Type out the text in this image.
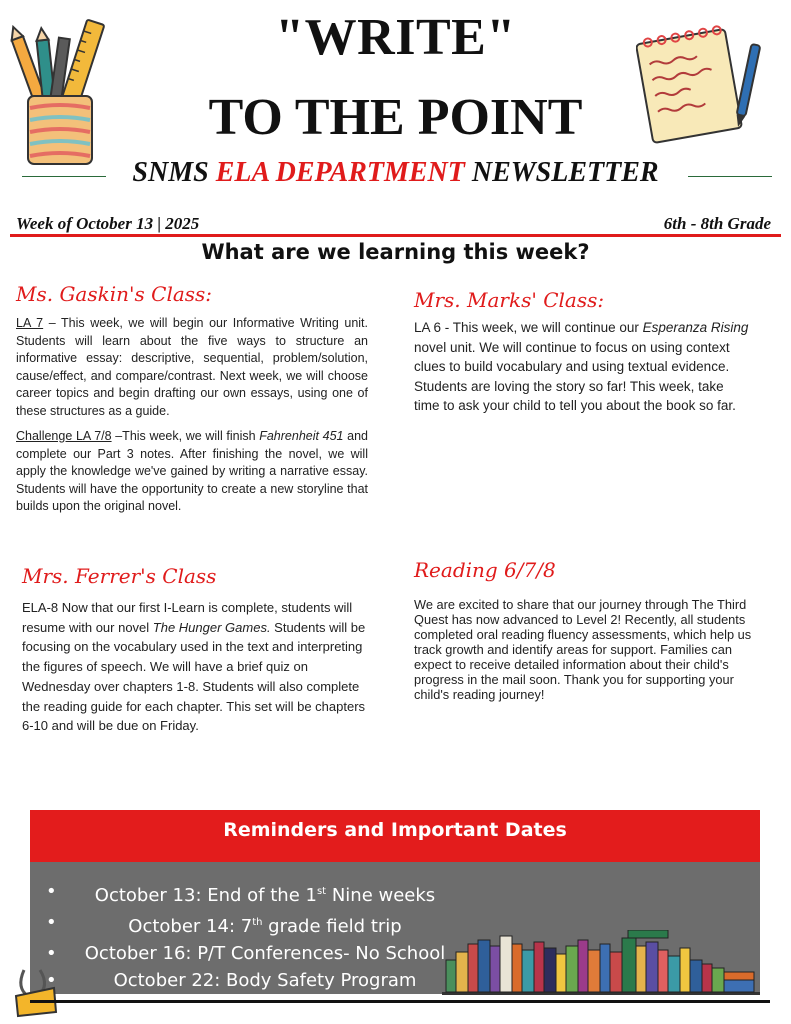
"WRITE"
TO THE POINT
SNMS ELA DEPARTMENT NEWSLETTER
Week of October 13 | 2025	6th - 8th Grade
What are we learning this week?
Ms. Gaskin's Class:
LA 7 – This week, we will begin our Informative Writing unit. Students will learn about the five ways to structure an informative essay: descriptive, sequential, problem/solution, cause/effect, and compare/contrast. Next week, we will choose career topics and begin drafting our own essays, using one of these structures as a guide.
Challenge LA 7/8 –This week, we will finish Fahrenheit 451 and complete our Part 3 notes. After finishing the novel, we will apply the knowledge we've gained by writing a narrative essay. Students will have the opportunity to create a new storyline that builds upon the original novel.
Mrs. Marks' Class:
LA 6 - This week, we will continue our Esperanza Rising novel unit. We will continue to focus on using context clues to build vocabulary and using textual evidence. Students are loving the story so far! This week, take time to ask your child to tell you about the book so far.
Mrs. Ferrer's Class
ELA-8 Now that our first I-Learn is complete, students will resume with our novel The Hunger Games. Students will be focusing on the vocabulary used in the text and interpreting the figures of speech. We will have a brief quiz on Wednesday over chapters 1-8. Students will also complete the reading guide for each chapter. This set will be chapters 6-10 and will be due on Friday.
Reading 6/7/8
We are excited to share that our journey through The Third Quest has now advanced to Level 2! Recently, all students completed oral reading fluency assessments, which help us track growth and identify areas for support. Families can expect to receive detailed information about their child's progress in the mail soon. Thank you for supporting your child's reading journey!
Reminders and Important Dates
• October 13: End of the 1st Nine weeks
• October 14: 7th grade field trip
• October 16: P/T Conferences- No School
• October 22: Body Safety Program
